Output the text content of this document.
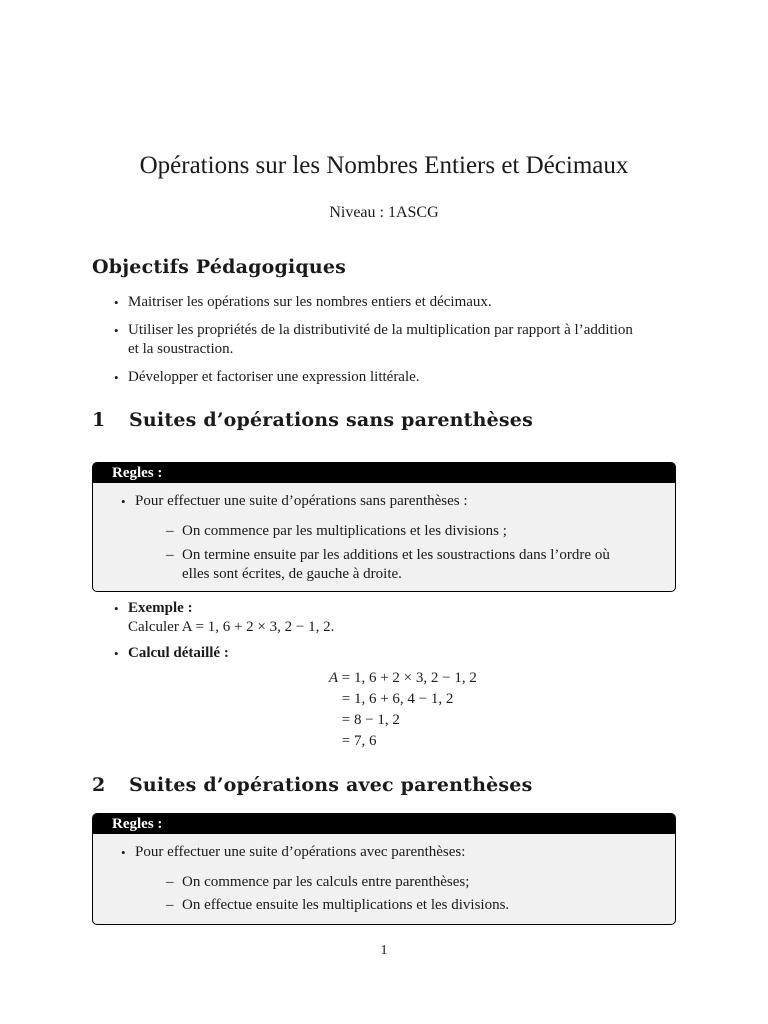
Opérations sur les Nombres Entiers et Décimaux
Niveau : 1ASCG
Objectifs Pédagogiques
• Maitriser les opérations sur les nombres entiers et décimaux.
• Utiliser les propriétés de la distributivité de la multiplication par rapport à l’addition
et la soustraction.
• Développer et factoriser une expression littérale.
1 Suites d’opérations sans parenthèses
Regles :
• Pour effectuer une suite d’opérations sans parenthèses :
– On commence par les multiplications et les divisions ;
– On termine ensuite par les additions et les soustractions dans l’ordre où
elles sont écrites, de gauche à droite.
• Exemple :
Calculer A = 1, 6 + 2 × 3, 2 − 1, 2.
• Calcul détaillé :
A = 1, 6 + 2 × 3, 2 − 1, 2
= 1, 6 + 6, 4 − 1, 2
= 8 − 1, 2
= 7, 6
2 Suites d’opérations avec parenthèses
Regles :
• Pour effectuer une suite d’opérations avec parenthèses:
– On commence par les calculs entre parenthèses;
– On effectue ensuite les multiplications et les divisions.
1
